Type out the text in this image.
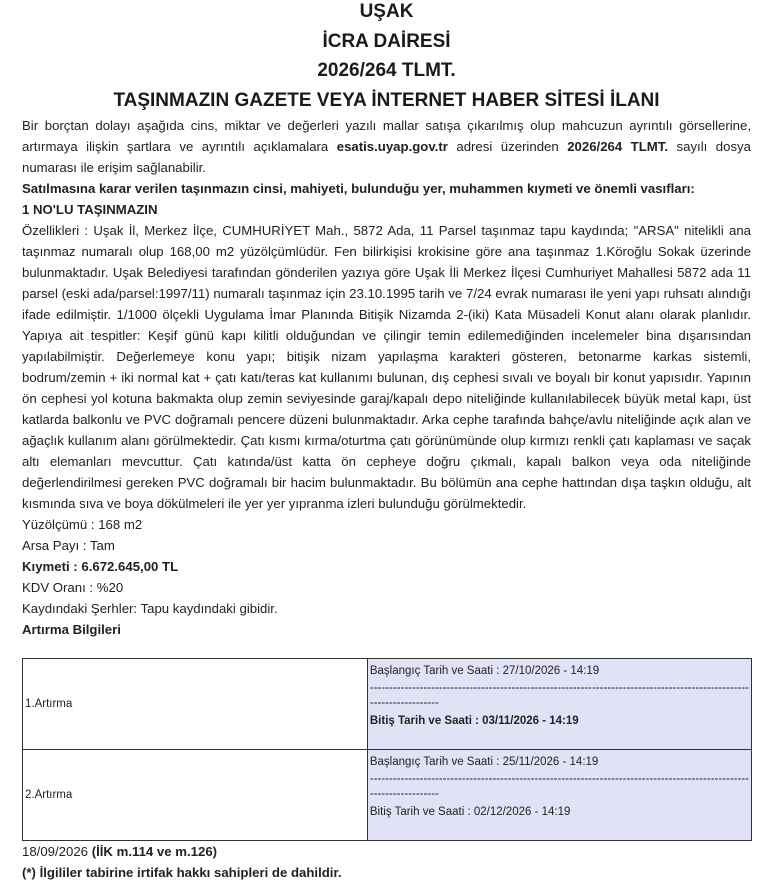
UŞAK
İCRA DAİRESİ
2026/264 TLMT.
TAŞINMAZIN GAZETE VEYA İNTERNET HABER SİTESİ İLANI

Bir borçtan dolayı aşağıda cins, miktar ve değerleri yazılı mallar satışa çıkarılmış olup mahcuzun ayrıntılı görsellerine, artırmaya ilişkin şartlara ve ayrıntılı açıklamalara esatis.uyap.gov.tr adresi üzerinden 2026/264 TLMT. sayılı dosya numarası ile erişim sağlanabilir.

Satılmasına karar verilen taşınmazın cinsi, mahiyeti, bulunduğu yer, muhammen kıymeti ve önemli vasıfları:

1 NO'LU TAŞINMAZIN

Özellikleri : Uşak İl, Merkez İlçe, CUMHURİYET Mah., 5872 Ada, 11 Parsel taşınmaz tapu kaydında; "ARSA" nitelikli ana taşınmaz numaralı olup 168,00 m2 yüzölçümlüdür. Fen bilirkişisi krokisine göre ana taşınmaz 1.Köroğlu Sokak üzerinde bulunmaktadır. Uşak Belediyesi tarafından gönderilen yazıya göre Uşak İli Merkez İlçesi Cumhuriyet Mahallesi 5872 ada 11 parsel (eski ada/parsel:1997/11) numaralı taşınmaz için 23.10.1995 tarih ve 7/24 evrak numarası ile yeni yapı ruhsatı alındığı ifade edilmiştir. 1/1000 ölçekli Uygulama İmar Planında Bitişik Nizamda 2-(iki) Kata Müsadeli Konut alanı olarak planlıdır. Yapıya ait tespitler: Keşif günü kapı kilitli olduğundan ve çilingir temin edilemediğinden incelemeler bina dışarısından yapılabilmiştir. Değerlemeye konu yapı; bitişik nizam yapılaşma karakteri gösteren, betonarme karkas sistemli, bodrum/zemin + iki normal kat + çatı katı/teras kat kullanımı bulunan, dış cephesi sıvalı ve boyalı bir konut yapısıdır. Yapının ön cephesi yol kotuna bakmakta olup zemin seviyesinde garaj/kapalı depo niteliğinde kullanılabilecek büyük metal kapı, üst katlarda balkonlu ve PVC doğramalı pencere düzeni bulunmaktadır. Arka cephe tarafında bahçe/avlu niteliğinde açık alan ve ağaçlık kullanım alanı görülmektedir. Çatı kısmı kırma/oturtma çatı görünümünde olup kırmızı renkli çatı kaplaması ve saçak altı elemanları mevcuttur. Çatı katında/üst katta ön cepheye doğru çıkmalı, kapalı balkon veya oda niteliğinde değerlendirilmesi gereken PVC doğramalı bir hacim bulunmaktadır. Bu bölümün ana cephe hattından dışa taşkın olduğu, alt kısmında sıva ve boya dökülmeleri ile yer yer yıpranma izleri bulunduğu görülmektedir.

Yüzölçümü : 168 m2

Arsa Payı : Tam

Kıymeti : 6.672.645,00 TL

KDV Oranı : %20

Kaydındaki Şerhler: Tapu kaydındaki gibidir.

Artırma Bilgileri

1.Artırma	Başlangıç Tarih ve Saati : 27/10/2026 - 14:19
---------------------------------------------------------------------------------------------------
------------------
Bitiş Tarih ve Saati : 03/11/2026 - 14:19

2.Artırma	Başlangıç Tarih ve Saati : 25/11/2026 - 14:19
---------------------------------------------------------------------------------------------------
------------------
Bitiş Tarih ve Saati : 02/12/2026 - 14:19

18/09/2026 (İİK m.114 ve m.126)

(*) İlgililer tabirine irtifak hakkı sahipleri de dahildir.
